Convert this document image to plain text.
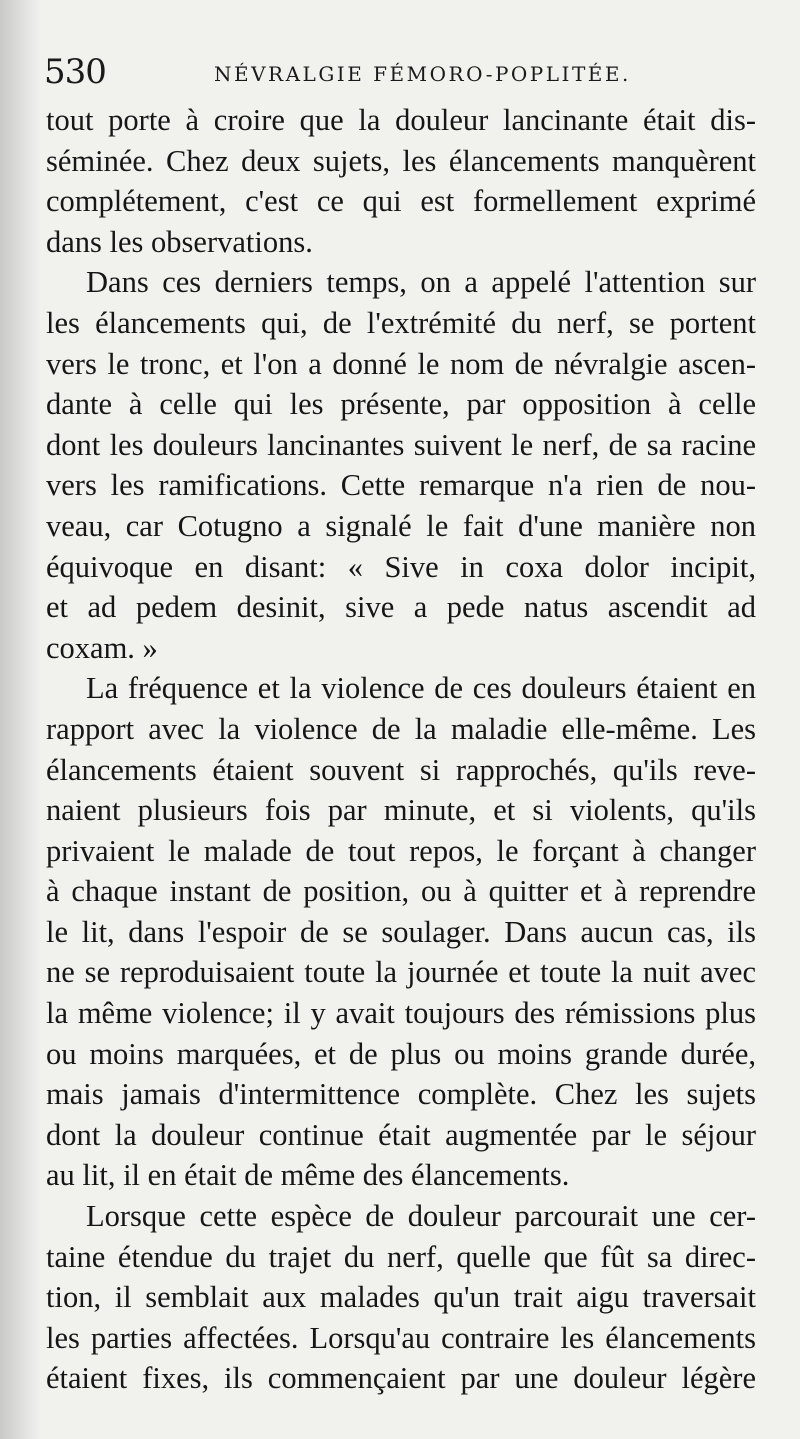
530	NÉVRALGIE FÉMORO-POPLITÉE.
tout porte à croire que la douleur lancinante était dis-
séminée. Chez deux sujets, les élancements manquèrent
complétement, c'est ce qui est formellement exprimé
dans les observations.
Dans ces derniers temps, on a appelé l'attention sur
les élancements qui, de l'extrémité du nerf, se portent
vers le tronc, et l'on a donné le nom de névralgie ascen-
dante à celle qui les présente, par opposition à celle
dont les douleurs lancinantes suivent le nerf, de sa racine
vers les ramifications. Cette remarque n'a rien de nou-
veau, car Cotugno a signalé le fait d'une manière non
équivoque en disant: « Sive in coxa dolor incipit,
et ad pedem desinit, sive a pede natus ascendit ad
coxam. »
La fréquence et la violence de ces douleurs étaient en
rapport avec la violence de la maladie elle-même. Les
élancements étaient souvent si rapprochés, qu'ils reve-
naient plusieurs fois par minute, et si violents, qu'ils
privaient le malade de tout repos, le forçant à changer
à chaque instant de position, ou à quitter et à reprendre
le lit, dans l'espoir de se soulager. Dans aucun cas, ils
ne se reproduisaient toute la journée et toute la nuit avec
la même violence; il y avait toujours des rémissions plus
ou moins marquées, et de plus ou moins grande durée,
mais jamais d'intermittence complète. Chez les sujets
dont la douleur continue était augmentée par le séjour
au lit, il en était de même des élancements.
Lorsque cette espèce de douleur parcourait une cer-
taine étendue du trajet du nerf, quelle que fût sa direc-
tion, il semblait aux malades qu'un trait aigu traversait
les parties affectées. Lorsqu'au contraire les élancements
étaient fixes, ils commençaient par une douleur légère
